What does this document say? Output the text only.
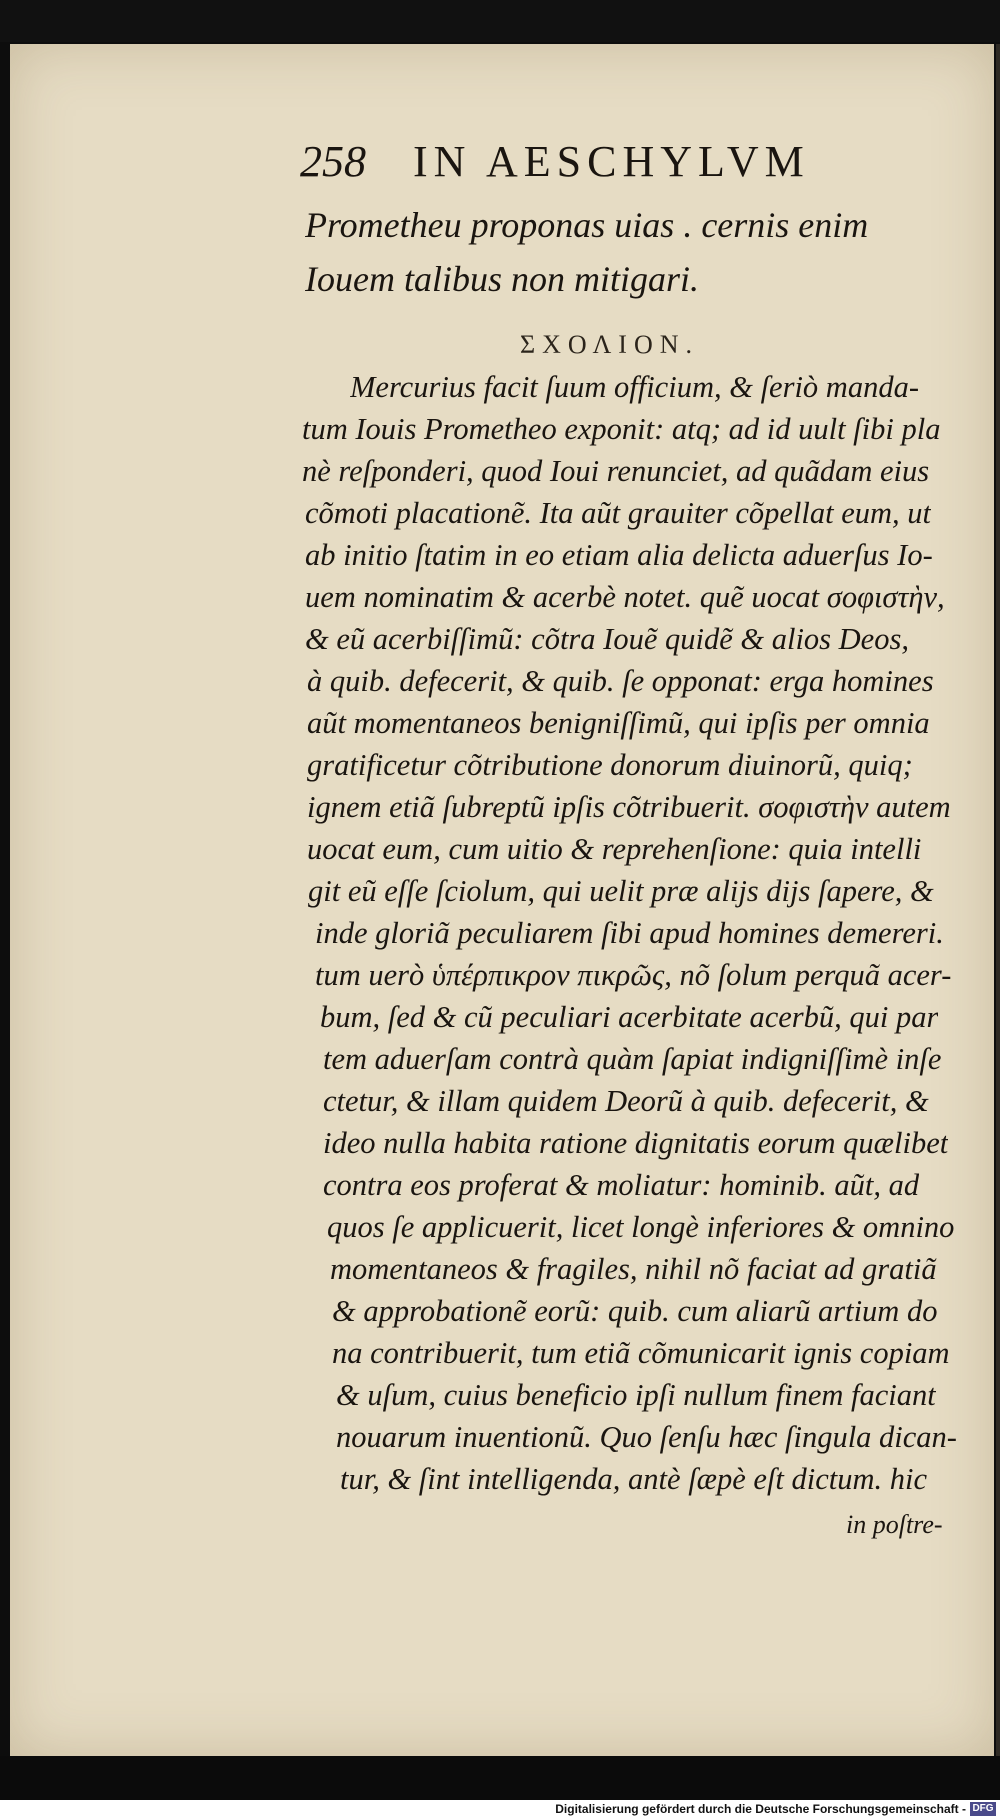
258 IN AESCHYLVM
Prometheu proponas uias . cernis enim
Iouem talibus non mitigari.
ΣΧΟΛΙΟΝ.
Mercurius facit ſuum officium, & ſeriò manda-
tum Iouis Prometheo exponit: atq; ad id uult ſibi pla
nè reſponderi, quod Ioui renunciet, ad quãdam eius
cõmoti placationẽ. Ita aũt grauiter cõpellat eum, ut
ab initio ſtatim in eo etiam alia delicta aduerſus Io-
uem nominatim & acerbè notet. quẽ uocat σοφιστὴν,
& eũ acerbiſſimũ: cõtra Iouẽ quidẽ & alios Deos,
à quib. defecerit, & quib. ſe opponat: erga homines
aũt momentaneos benigniſſimũ, qui ipſis per omnia
gratificetur cõtributione donorum diuinorũ, quiq;
ignem etiã ſubreptũ ipſis cõtribuerit. σοφιστὴν autem
uocat eum, cum uitio & reprehenſione: quia intelli
git eũ eſſe ſciolum, qui uelit præ alijs dijs ſapere, &
inde gloriã peculiarem ſibi apud homines demereri.
tum uerò ὑπέρπικρον πικρῶς, nõ ſolum perquã acer-
bum, ſed & cũ peculiari acerbitate acerbũ, qui par
tem aduerſam contrà quàm ſapiat indigniſſimè inſe
ctetur, & illam quidem Deorũ à quib. defecerit, &
ideo nulla habita ratione dignitatis eorum quælibet
contra eos proferat & moliatur: hominib. aũt, ad
quos ſe applicuerit, licet longè inferiores & omnino
momentaneos & fragiles, nihil nõ faciat ad gratiã
& approbationẽ eorũ: quib. cum aliarũ artium do
na contribuerit, tum etiã cõmunicarit ignis copiam
& uſum, cuius beneficio ipſi nullum finem faciant
nouarum inuentionũ. Quo ſenſu hæc ſingula dican-
tur, & ſint intelligenda, antè ſæpè eſt dictum. hic
in poſtre-
Digitalisierung gefördert durch die Deutsche Forschungsgemeinschaft - DFG
